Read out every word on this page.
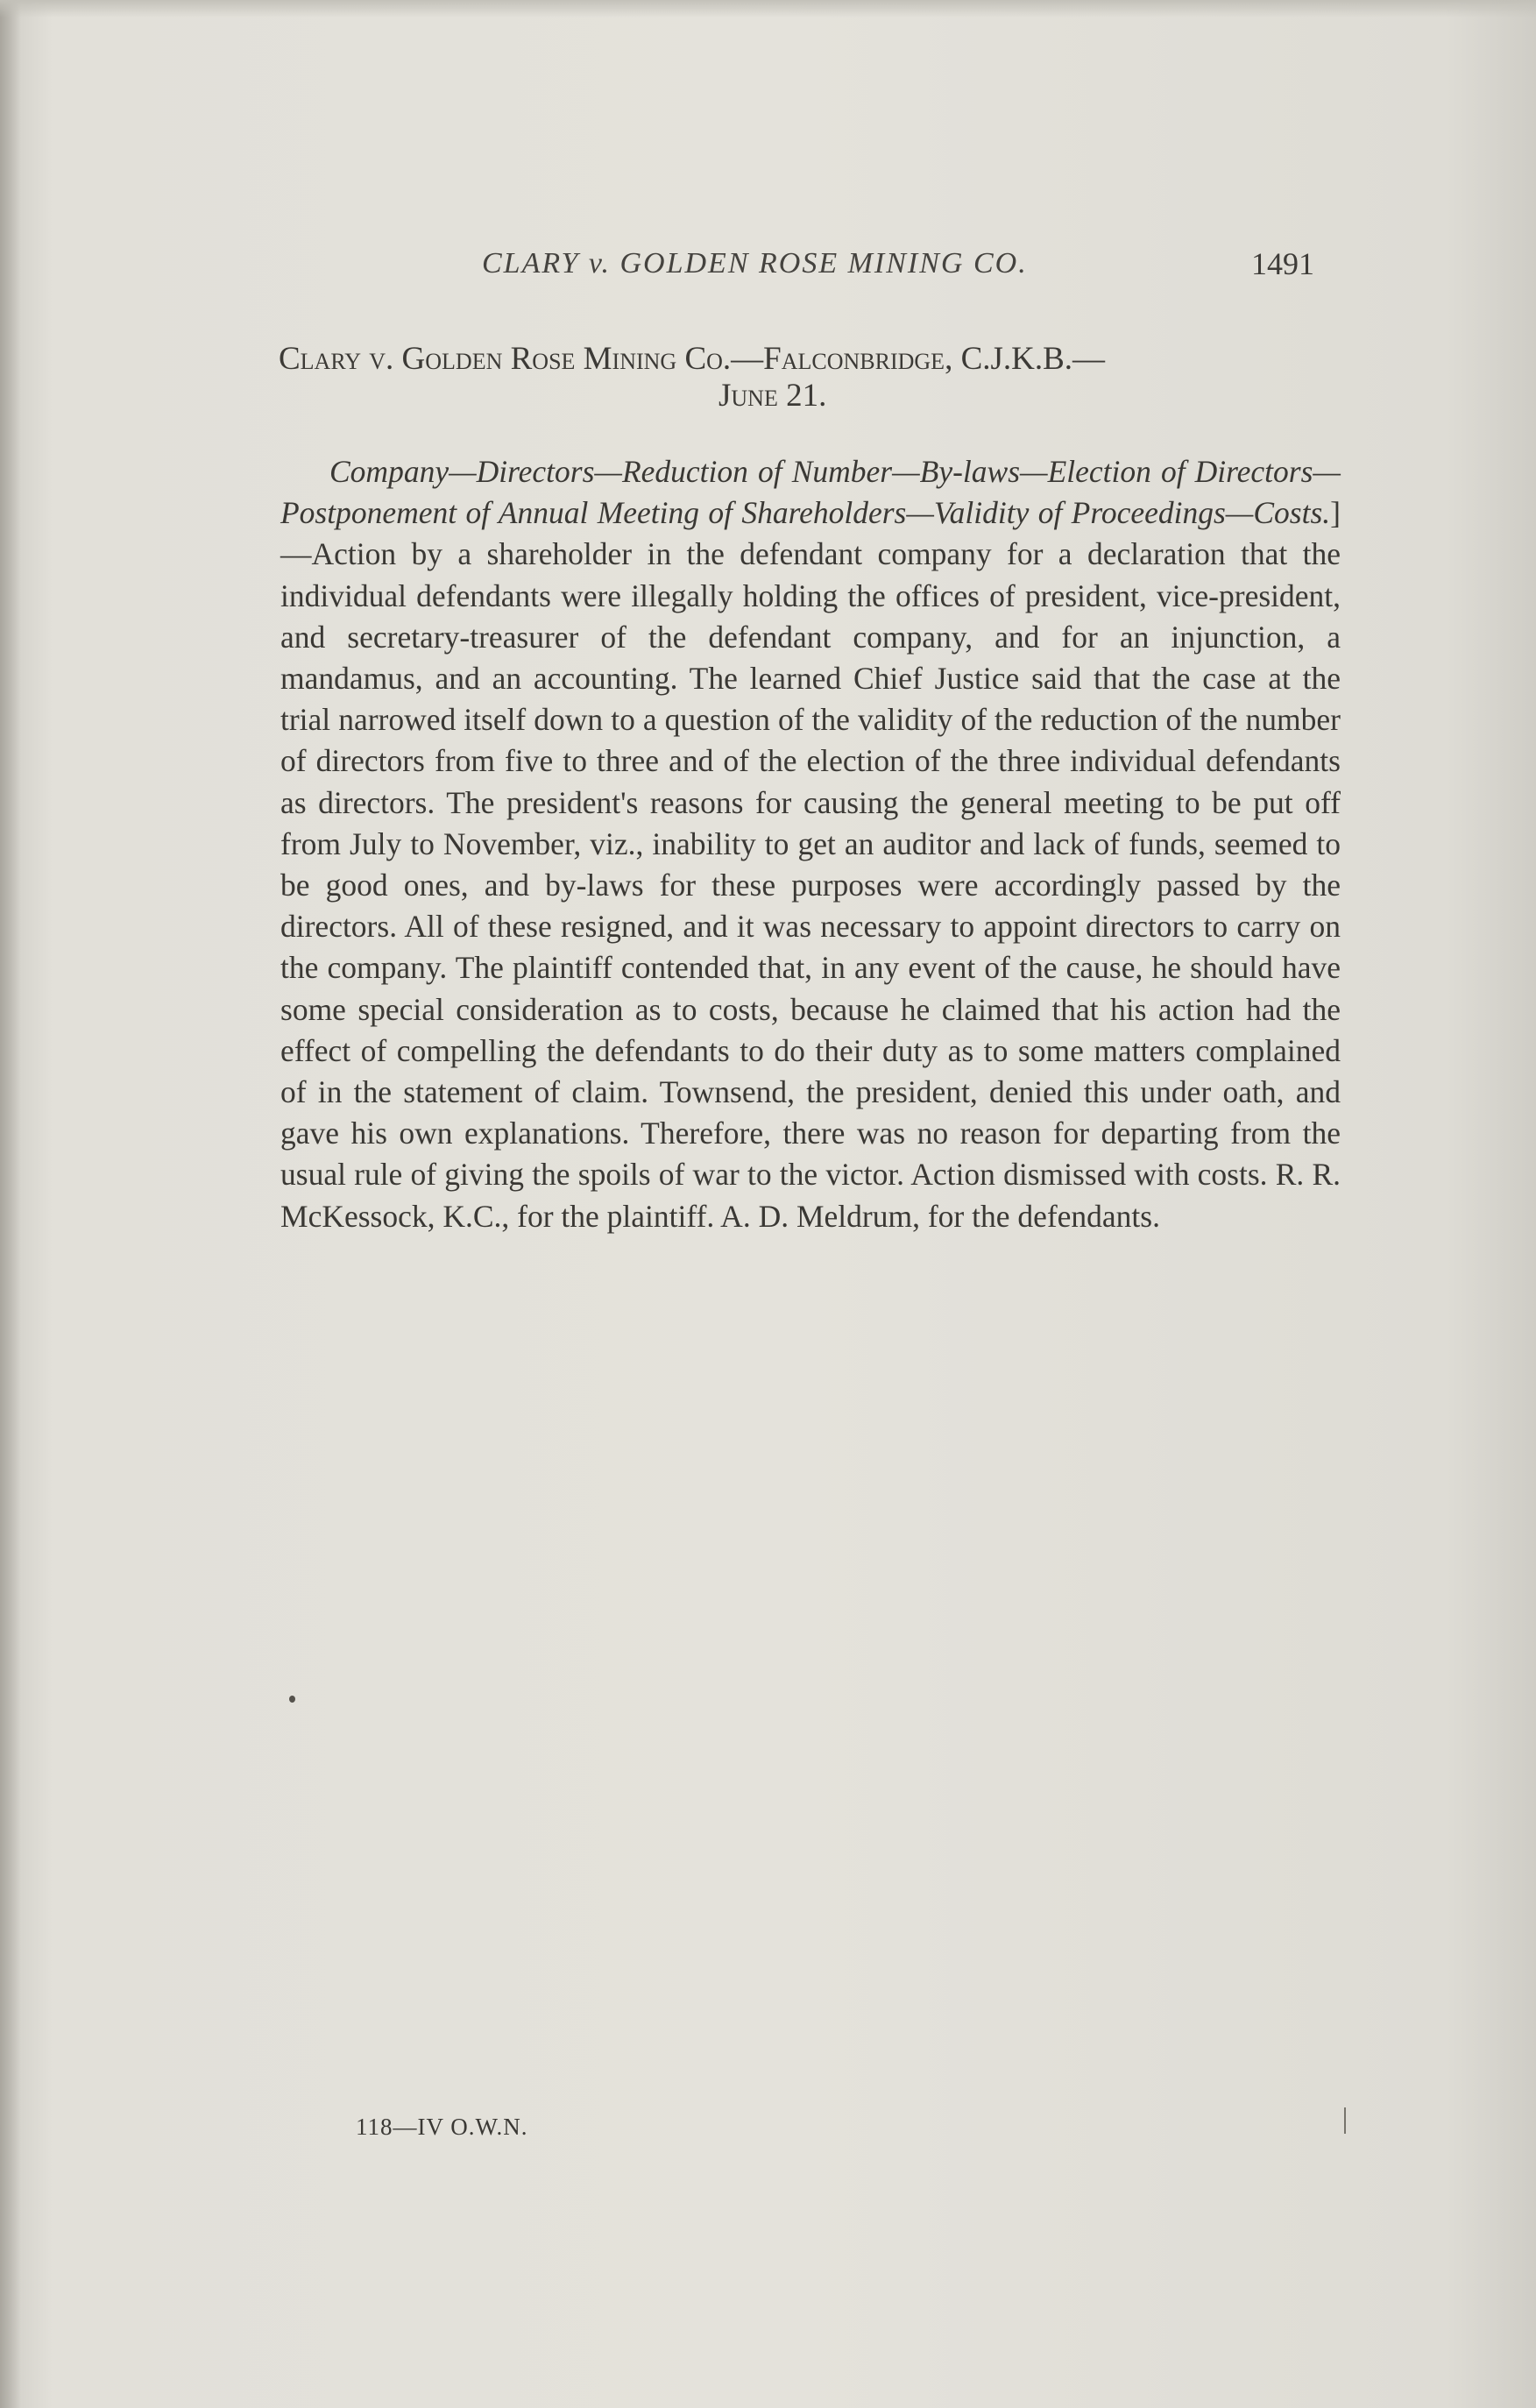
CLARY v. GOLDEN ROSE MINING CO.	1491
Clary v. Golden Rose Mining Co.—Falconbridge, C.J.K.B.—
June 21.

Company—Directors—Reduction of Number—By-laws—Election of Directors—Postponement of Annual Meeting of Shareholders—Validity of Proceedings—Costs.]—Action by a shareholder in the defendant company for a declaration that the individual defendants were illegally holding the offices of president, vice-president, and secretary-treasurer of the defendant company, and for an injunction, a mandamus, and an accounting. The learned Chief Justice said that the case at the trial narrowed itself down to a question of the validity of the reduction of the number of directors from five to three and of the election of the three individual defendants as directors. The president's reasons for causing the general meeting to be put off from July to November, viz., inability to get an auditor and lack of funds, seemed to be good ones, and by-laws for these purposes were accordingly passed by the directors. All of these resigned, and it was necessary to appoint directors to carry on the company. The plaintiff contended that, in any event of the cause, he should have some special consideration as to costs, because he claimed that his action had the effect of compelling the defendants to do their duty as to some matters complained of in the statement of claim. Townsend, the president, denied this under oath, and gave his own explanations. Therefore, there was no reason for departing from the usual rule of giving the spoils of war to the victor. Action dismissed with costs. R. R. McKessock, K.C., for the plaintiff. A. D. Meldrum, for the defendants.

118—IV O.W.N.
